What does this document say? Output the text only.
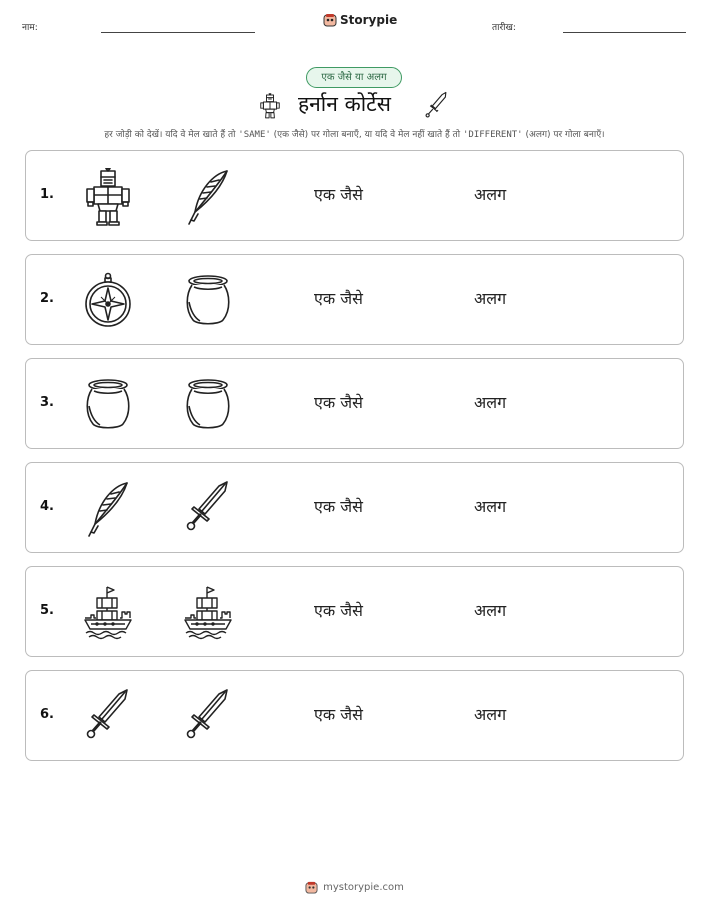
नाम:
Storypie
तारीख:
एक जैसे या अलग
हर्नान कोर्टेस
हर जोड़ी को देखें। यदि वे मेल खाते हैं तो 'SAME' (एक जैसे) पर गोला बनाएँ, या यदि वे मेल नहीं खाते हैं तो 'DIFFERENT' (अलग) पर गोला बनाएँ।
1.	एक जैसे	अलग
2.	एक जैसे	अलग
3.	एक जैसे	अलग
4.	एक जैसे	अलग
5.	एक जैसे	अलग
6.	एक जैसे	अलग
mystorypie.com
